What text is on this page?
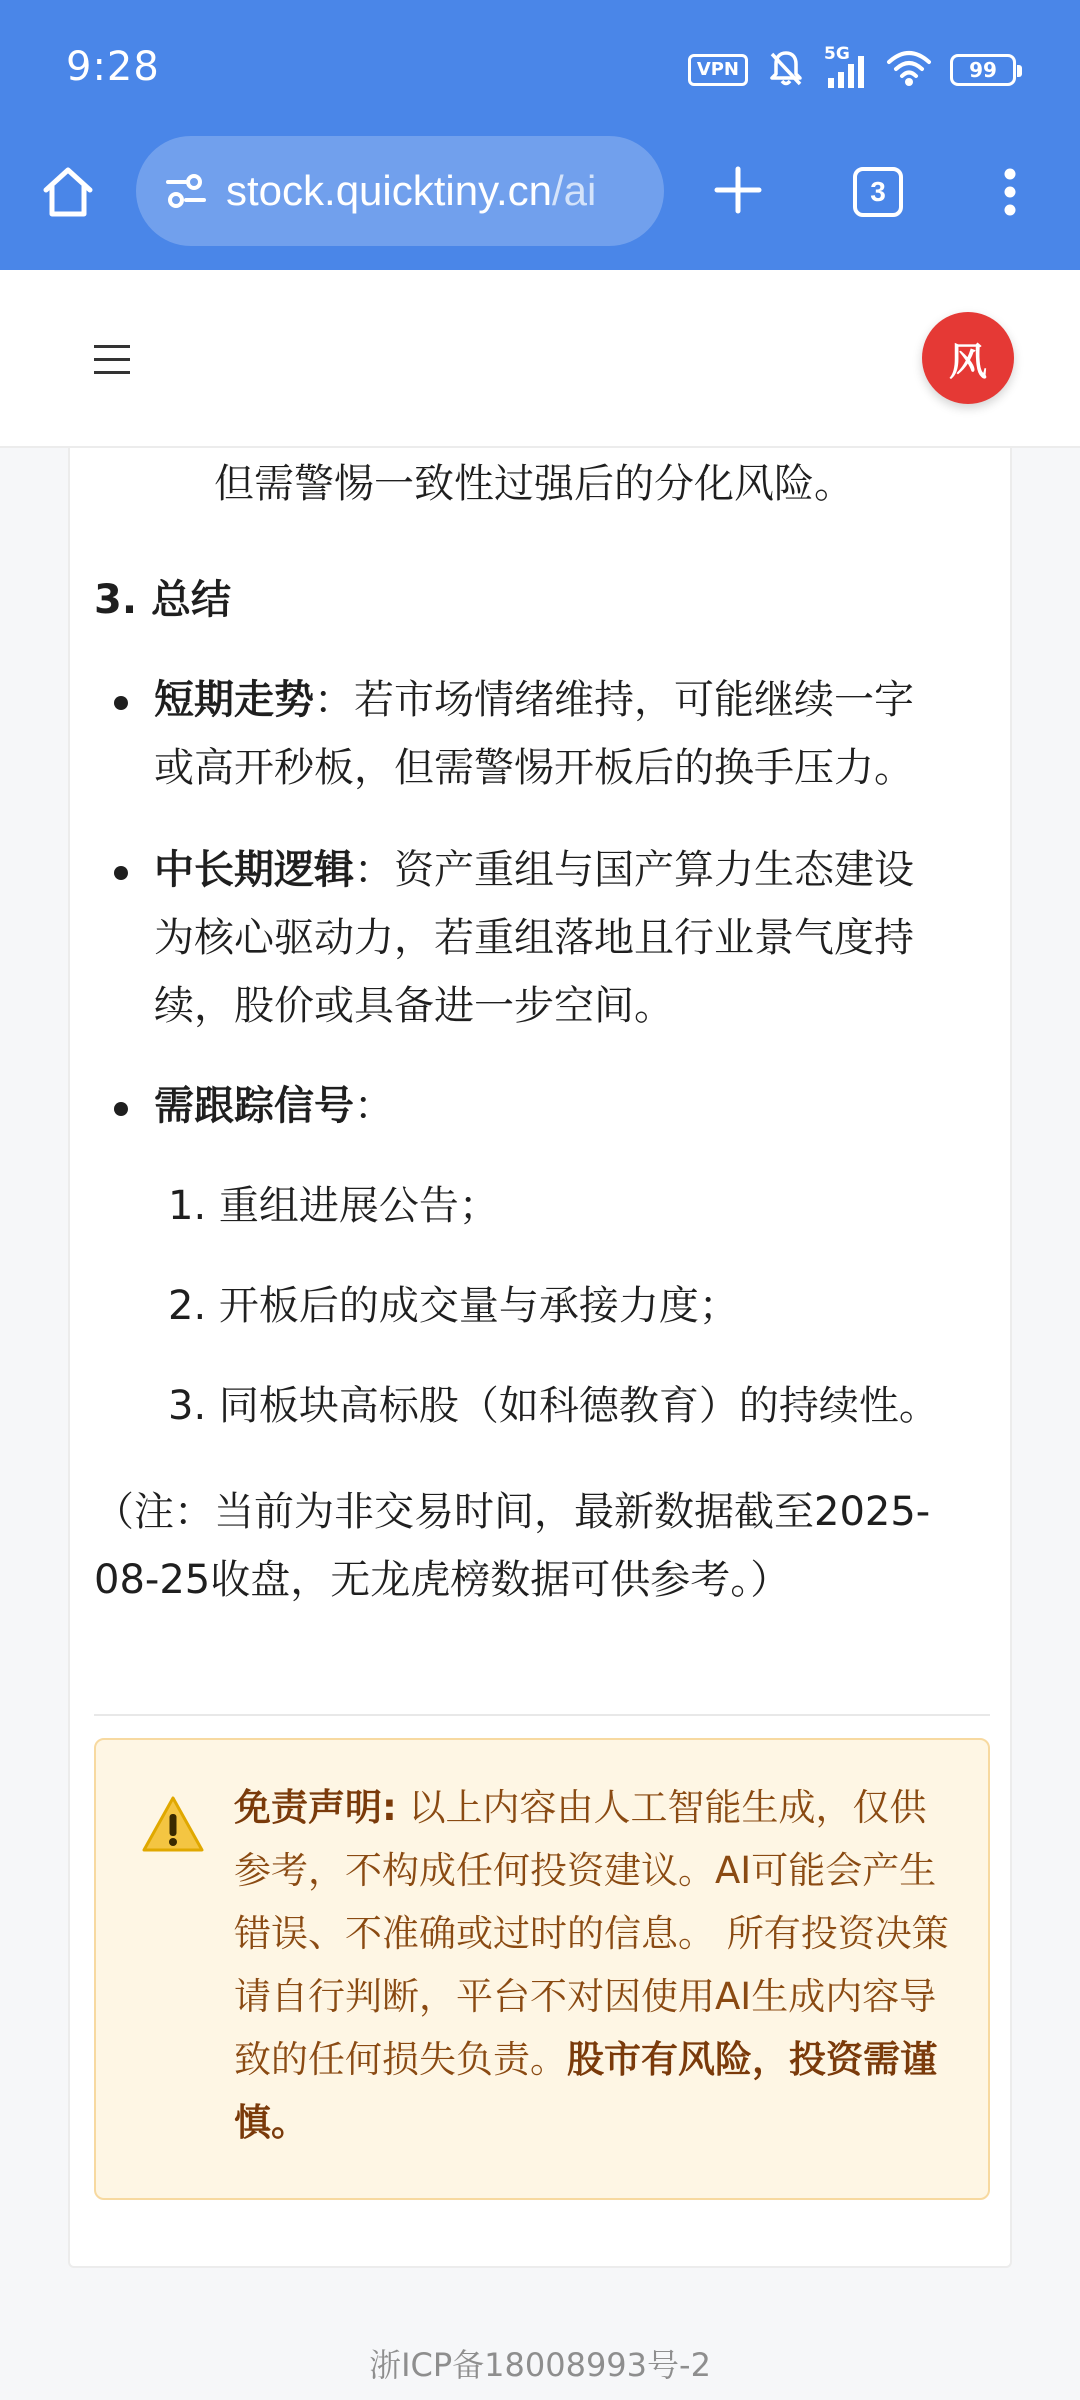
9:28	VPN
5G
99
stock.quicktiny.cn/ai	3
风
但需警惕一致性过强后的分化风险。
3. 总结
短期走势：若市场情绪维持，可能继续一字
或高开秒板，但需警惕开板后的换手压力。
中长期逻辑：资产重组与国产算力生态建设
为核心驱动力，若重组落地且行业景气度持
续，股价或具备进一步空间。
需跟踪信号：
1. 重组进展公告；
2. 开板后的成交量与承接力度；
3. 同板块高标股（如科德教育）的持续性。
（注：当前为非交易时间，最新数据截至2025-
08-25收盘，无龙虎榜数据可供参考。）
免责声明: 以上内容由人工智能生成，仅供参考，不构成任何投资建议。AI可能会产生错误、不准确或过时的信息。 所有投资决策请自行判断，平台不对因使用AI生成内容导致的任何损失负责。股市有风险，投资需谨慎。
浙ICP备18008993号-2
